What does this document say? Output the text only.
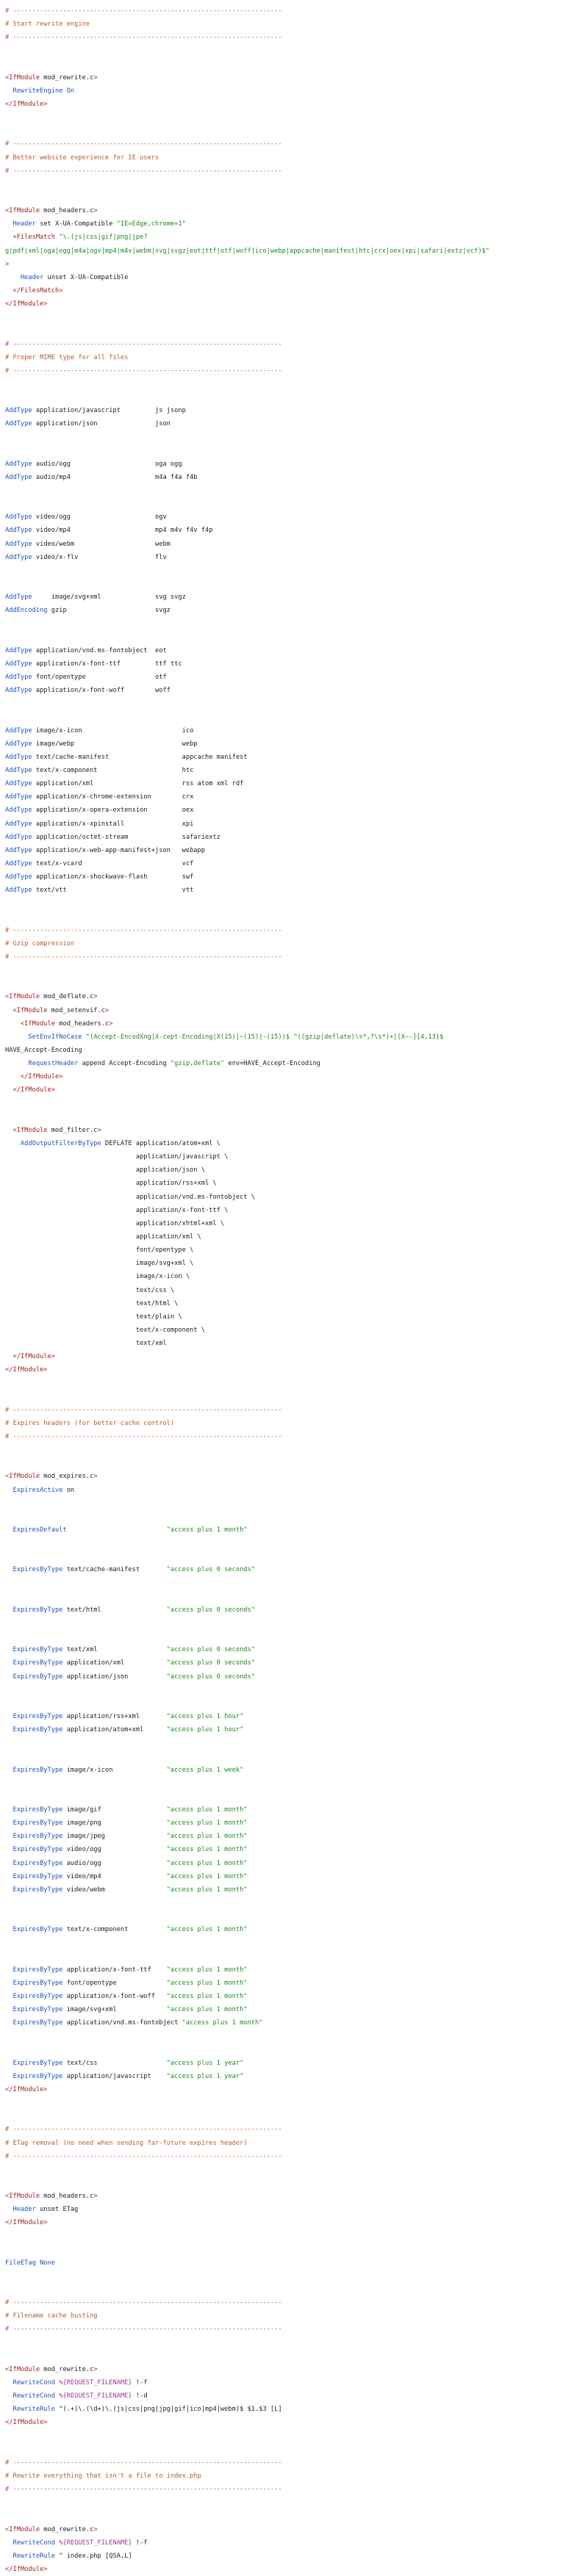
# ----------------------------------------------------------------------
# Start rewrite engine
# ----------------------------------------------------------------------

<IfModule mod_rewrite.c>
RewriteEngine On
</IfModule>

# ----------------------------------------------------------------------
# Better website experience for IE users
# ----------------------------------------------------------------------

<IfModule mod_headers.c>
Header set X-UA-Compatible "IE=Edge,chrome=1"
<FilesMatch "\.(js|css|gif|png|jpe?
g|pdf|xml|oga|ogg|m4a|ogv|mp4|m4v|webm|svg|svgz|eot|ttf|otf|woff|ico|webp|appcache|manifest|htc|crx|oex|xpi|safari|extz|vcf)$"
>
Header unset X-UA-Compatible
</FilesMatch>
</IfModule>

# ----------------------------------------------------------------------
# Proper MIME type for all files
# ----------------------------------------------------------------------

AddType application/javascript         js jsonp
AddType application/json               json

AddType audio/ogg                      oga ogg
AddType audio/mp4                      m4a f4a f4b

AddType video/ogg                      ogv
AddType video/mp4                      mp4 m4v f4v f4p
AddType video/webm                     webm
AddType video/x-flv                    flv

AddType     image/svg+xml              svg svgz
AddEncoding gzip                       svgz

AddType application/vnd.ms-fontobject  eot
AddType application/x-font-ttf         ttf ttc
AddType font/opentype                  otf
AddType application/x-font-woff        woff

AddType image/x-icon                          ico
AddType image/webp                            webp
AddType text/cache-manifest                   appcache manifest
AddType text/x-component                      htc
AddType application/xml                       rss atom xml rdf
AddType application/x-chrome-extension        crx
AddType application/x-opera-extension         oex
AddType application/x-xpinstall               xpi
AddType application/octet-stream              safariextz
AddType application/x-web-app-manifest+json   webapp
AddType text/x-vcard                          vcf
AddType application/x-shockwave-flash         swf
AddType text/vtt                              vtt

# ----------------------------------------------------------------------
# Gzip compression
# ----------------------------------------------------------------------

<IfModule mod_deflate.c>
<IfModule mod_setenvif.c>
<IfModule mod_headers.c>
SetEnvIfNoCase ^(Accept-EncodXng|X-cept-Encoding|X(15)|~(15)|-(15))$ ^((gzip|deflate)\s*,?\s*)+|[X~-]{4,13}$
HAVE_Accept-Encoding
RequestHeader append Accept-Encoding "gzip,deflate" env=HAVE_Accept-Encoding
</IfModule>
</IfModule>

<IfModule mod_filter.c>
AddOutputFilterByType DEFLATE application/atom+xml \
application/javascript \
application/json \
application/rss+xml \
application/vnd.ms-fontobject \
application/x-font-ttf \
application/xhtml+xml \
application/xml \
font/opentype \
image/svg+xml \
image/x-icon \
text/css \
text/html \
text/plain \
text/x-component \
text/xml
</IfModule>
</IfModule>

# ----------------------------------------------------------------------
# Expires headers (for better cache control)
# ----------------------------------------------------------------------

<IfModule mod_expires.c>
ExpiresActive on

ExpiresDefault	"access plus 1 month"

ExpiresByType text/cache-manifest       "access plus 0 seconds"

ExpiresByType text/html                 "access plus 0 seconds"

ExpiresByType text/xml                  "access plus 0 seconds"
ExpiresByType application/xml           "access plus 0 seconds"
ExpiresByType application/json          "access plus 0 seconds"

ExpiresByType application/rss+xml       "access plus 1 hour"
ExpiresByType application/atom+xml      "access plus 1 hour"

ExpiresByType image/x-icon              "access plus 1 week"

ExpiresByType image/gif                 "access plus 1 month"
ExpiresByType image/png                 "access plus 1 month"
ExpiresByType image/jpeg                "access plus 1 month"
ExpiresByType video/ogg                 "access plus 1 month"
ExpiresByType audio/ogg                 "access plus 1 month"
ExpiresByType video/mp4                 "access plus 1 month"
ExpiresByType video/webm                "access plus 1 month"

ExpiresByType text/x-component          "access plus 1 month"

ExpiresByType application/x-font-ttf    "access plus 1 month"
ExpiresByType font/opentype             "access plus 1 month"
ExpiresByType application/x-font-woff   "access plus 1 month"
ExpiresByType image/svg+xml             "access plus 1 month"
ExpiresByType application/vnd.ms-fontobject "access plus 1 month"

ExpiresByType text/css                  "access plus 1 year"
ExpiresByType application/javascript    "access plus 1 year"
</IfModule>

# ----------------------------------------------------------------------
# ETag removal (no need when sending far-future expires header)
# ----------------------------------------------------------------------

<IfModule mod_headers.c>
Header unset ETag
</IfModule>

FileETag None

# ----------------------------------------------------------------------
# Filename cache busting
# ----------------------------------------------------------------------

<IfModule mod_rewrite.c>
RewriteCond %{REQUEST_FILENAME} !-f
RewriteCond %{REQUEST_FILENAME} !-d
RewriteRule ^(.+)\.(\d+)\.(js|css|png|jpg|gif|ico|mp4|webm)$ $1.$3 [L]
</IfModule>

# ----------------------------------------------------------------------
# Rewrite everything that isn't a file to index.php
# ----------------------------------------------------------------------

<IfModule mod_rewrite.c>
RewriteCond %{REQUEST_FILENAME} !-f
RewriteRule ^ index.php [QSA,L]
</IfModule>
